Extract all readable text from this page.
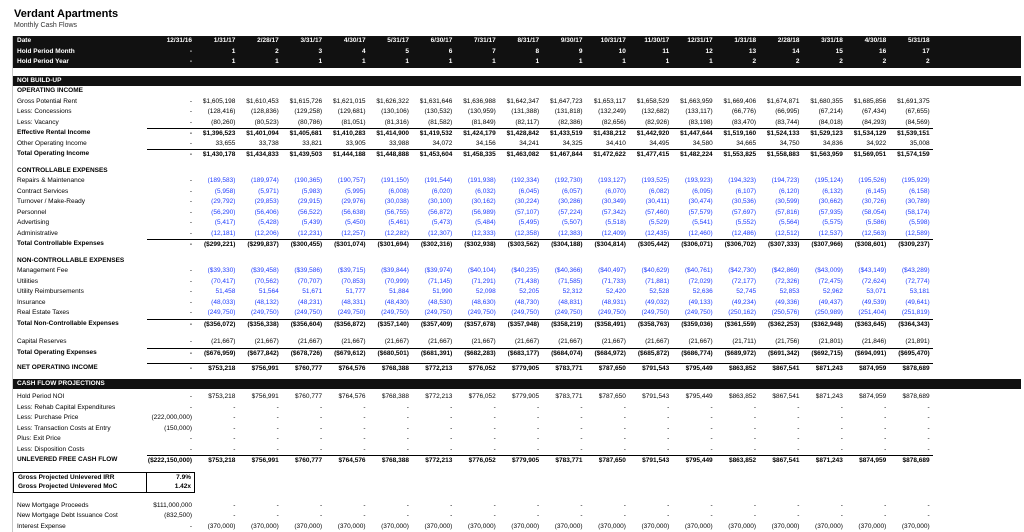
Verdant Apartments
Monthly Cash Flows
Date	12/31/16	1/31/17	2/28/17	3/31/17	4/30/17	5/31/17	6/30/17	7/31/17	8/31/17	9/30/17	10/31/17	11/30/17	12/31/17	1/31/18	2/28/18	3/31/18	4/30/18	5/31/18
Hold Period Month	-	1	2	3	4	5	6	7	8	9	10	11	12	13	14	15	16	17
Hold Period Year	-	1	1	1	1	1	1	1	1	1	1	1	1	2	2	2	2	2
NOI BUILD-UP
OPERATING INCOME
Gross Potential Rent	-	$1,605,198	$1,610,453	$1,615,726	$1,621,015	$1,626,322	$1,631,646	$1,636,988	$1,642,347	$1,647,723	$1,653,117	$1,658,529	$1,663,959	$1,669,406	$1,674,871	$1,680,355	$1,685,856	$1,691,375
Less: Concessions	-	(128,416)	(128,836)	(129,258)	(129,681)	(130,106)	(130,532)	(130,959)	(131,388)	(131,818)	(132,249)	(132,682)	(133,117)	(66,776)	(66,995)	(67,214)	(67,434)	(67,655)
Less: Vacancy	-	(80,260)	(80,523)	(80,786)	(81,051)	(81,316)	(81,582)	(81,849)	(82,117)	(82,386)	(82,656)	(82,926)	(83,198)	(83,470)	(83,744)	(84,018)	(84,293)	(84,569)
Effective Rental Income	-	$1,396,523	$1,401,094	$1,405,681	$1,410,283	$1,414,900	$1,419,532	$1,424,179	$1,428,842	$1,433,519	$1,438,212	$1,442,920	$1,447,644	$1,519,160	$1,524,133	$1,529,123	$1,534,129	$1,539,151
Other Operating Income	-	33,655	33,738	33,821	33,905	33,988	34,072	34,156	34,241	34,325	34,410	34,495	34,580	34,665	34,750	34,836	34,922	35,008
Total Operating Income	-	$1,430,178	$1,434,833	$1,439,503	$1,444,188	$1,448,888	$1,453,604	$1,458,335	$1,463,082	$1,467,844	$1,472,622	$1,477,415	$1,482,224	$1,553,825	$1,558,883	$1,563,959	$1,569,051	$1,574,159
CONTROLLABLE EXPENSES
Repairs & Maintenance	-	(189,583)	(189,974)	(190,365)	(190,757)	(191,150)	(191,544)	(191,938)	(192,334)	(192,730)	(193,127)	(193,525)	(193,923)	(194,323)	(194,723)	(195,124)	(195,526)	(195,929)
Contract Services	-	(5,958)	(5,971)	(5,983)	(5,995)	(6,008)	(6,020)	(6,032)	(6,045)	(6,057)	(6,070)	(6,082)	(6,095)	(6,107)	(6,120)	(6,132)	(6,145)	(6,158)
Turnover / Make-Ready	-	(29,792)	(29,853)	(29,915)	(29,976)	(30,038)	(30,100)	(30,162)	(30,224)	(30,286)	(30,349)	(30,411)	(30,474)	(30,536)	(30,599)	(30,662)	(30,726)	(30,789)
Personnel	-	(56,290)	(56,406)	(56,522)	(56,638)	(56,755)	(56,872)	(56,989)	(57,107)	(57,224)	(57,342)	(57,460)	(57,579)	(57,697)	(57,816)	(57,935)	(58,054)	(58,174)
Advertising	-	(5,417)	(5,428)	(5,439)	(5,450)	(5,461)	(5,473)	(5,484)	(5,495)	(5,507)	(5,518)	(5,529)	(5,541)	(5,552)	(5,564)	(5,575)	(5,586)	(5,598)
Administrative	-	(12,181)	(12,206)	(12,231)	(12,257)	(12,282)	(12,307)	(12,333)	(12,358)	(12,383)	(12,409)	(12,435)	(12,460)	(12,486)	(12,512)	(12,537)	(12,563)	(12,589)
Total Controllable Expenses	-	($299,221)	($299,837)	($300,455)	($301,074)	($301,694)	($302,316)	($302,938)	($303,562)	($304,188)	($304,814)	($305,442)	($306,071)	($306,702)	($307,333)	($307,966)	($308,601)	($309,237)
NON-CONTROLLABLE EXPENSES
Management Fee	-	($39,330)	($39,458)	($39,586)	($39,715)	($39,844)	($39,974)	($40,104)	($40,235)	($40,366)	($40,497)	($40,629)	($40,761)	($42,730)	($42,869)	($43,009)	($43,149)	($43,289)
Utilities	-	(70,417)	(70,562)	(70,707)	(70,853)	(70,999)	(71,145)	(71,291)	(71,438)	(71,585)	(71,733)	(71,881)	(72,029)	(72,177)	(72,326)	(72,475)	(72,624)	(72,774)
Utility Reimbursements	-	51,458	51,564	51,671	51,777	51,884	51,990	52,098	52,205	52,312	52,420	52,528	52,636	52,745	52,853	52,962	53,071	53,181
Insurance	-	(48,033)	(48,132)	(48,231)	(48,331)	(48,430)	(48,530)	(48,630)	(48,730)	(48,831)	(48,931)	(49,032)	(49,133)	(49,234)	(49,336)	(49,437)	(49,539)	(49,641)
Real Estate Taxes	-	(249,750)	(249,750)	(249,750)	(249,750)	(249,750)	(249,750)	(249,750)	(249,750)	(249,750)	(249,750)	(249,750)	(249,750)	(250,162)	(250,576)	(250,989)	(251,404)	(251,819)
Total Non-Controllable Expenses	-	($356,072)	($356,338)	($356,604)	($356,872)	($357,140)	($357,409)	($357,678)	($357,948)	($358,219)	($358,491)	($358,763)	($359,036)	($361,559)	($362,253)	($362,948)	($363,645)	($364,343)
Capital Reserves	-	(21,667)	(21,667)	(21,667)	(21,667)	(21,667)	(21,667)	(21,667)	(21,667)	(21,667)	(21,667)	(21,667)	(21,667)	(21,711)	(21,756)	(21,801)	(21,846)	(21,891)
Total Operating Expenses	-	($676,959)	($677,842)	($678,726)	($679,612)	($680,501)	($681,391)	($682,283)	($683,177)	($684,074)	($684,972)	($685,872)	($686,774)	($689,972)	($691,342)	($692,715)	($694,091)	($695,470)
NET OPERATING INCOME	-	$753,218	$756,991	$760,777	$764,576	$768,388	$772,213	$776,052	$779,905	$783,771	$787,650	$791,543	$795,449	$863,852	$867,541	$871,243	$874,959	$878,689
CASH FLOW PROJECTIONS
Hold Period NOI	-	$753,218	$756,991	$760,777	$764,576	$768,388	$772,213	$776,052	$779,905	$783,771	$787,650	$791,543	$795,449	$863,852	$867,541	$871,243	$874,959	$878,689
Less: Rehab Capital Expenditures	-	-	-	-	-	-	-	-	-	-	-	-	-	-	-	-	-	-
Less: Purchase Price	(222,000,000)	-	-	-	-	-	-	-	-	-	-	-	-	-	-	-	-	-
Less: Transaction Costs at Entry	(150,000)	-	-	-	-	-	-	-	-	-	-	-	-	-	-	-	-	-
Plus: Exit Price	-	-	-	-	-	-	-	-	-	-	-	-	-	-	-	-	-	-
Less: Disposition Costs	-	-	-	-	-	-	-	-	-	-	-	-	-	-	-	-	-	-
UNLEVERED FREE CASH FLOW	($222,150,000)	$753,218	$756,991	$760,777	$764,576	$768,388	$772,213	$776,052	$779,905	$783,771	$787,650	$791,543	$795,449	$863,852	$867,541	$871,243	$874,959	$878,689
Gross Projected Unlevered IRR	7.9%
Gross Projected Unlevered MoC	1.42x
New Mortgage Proceeds	$111,000,000	-	-	-	-	-	-	-	-	-	-	-	-	-	-	-	-	-
New Mortgage Debt Issuance Cost	(832,500)	-	-	-	-	-	-	-	-	-	-	-	-	-	-	-	-	-
Interest Expense	-	(370,000)	(370,000)	(370,000)	(370,000)	(370,000)	(370,000)	(370,000)	(370,000)	(370,000)	(370,000)	(370,000)	(370,000)	(370,000)	(370,000)	(370,000)	(370,000)	(370,000)
